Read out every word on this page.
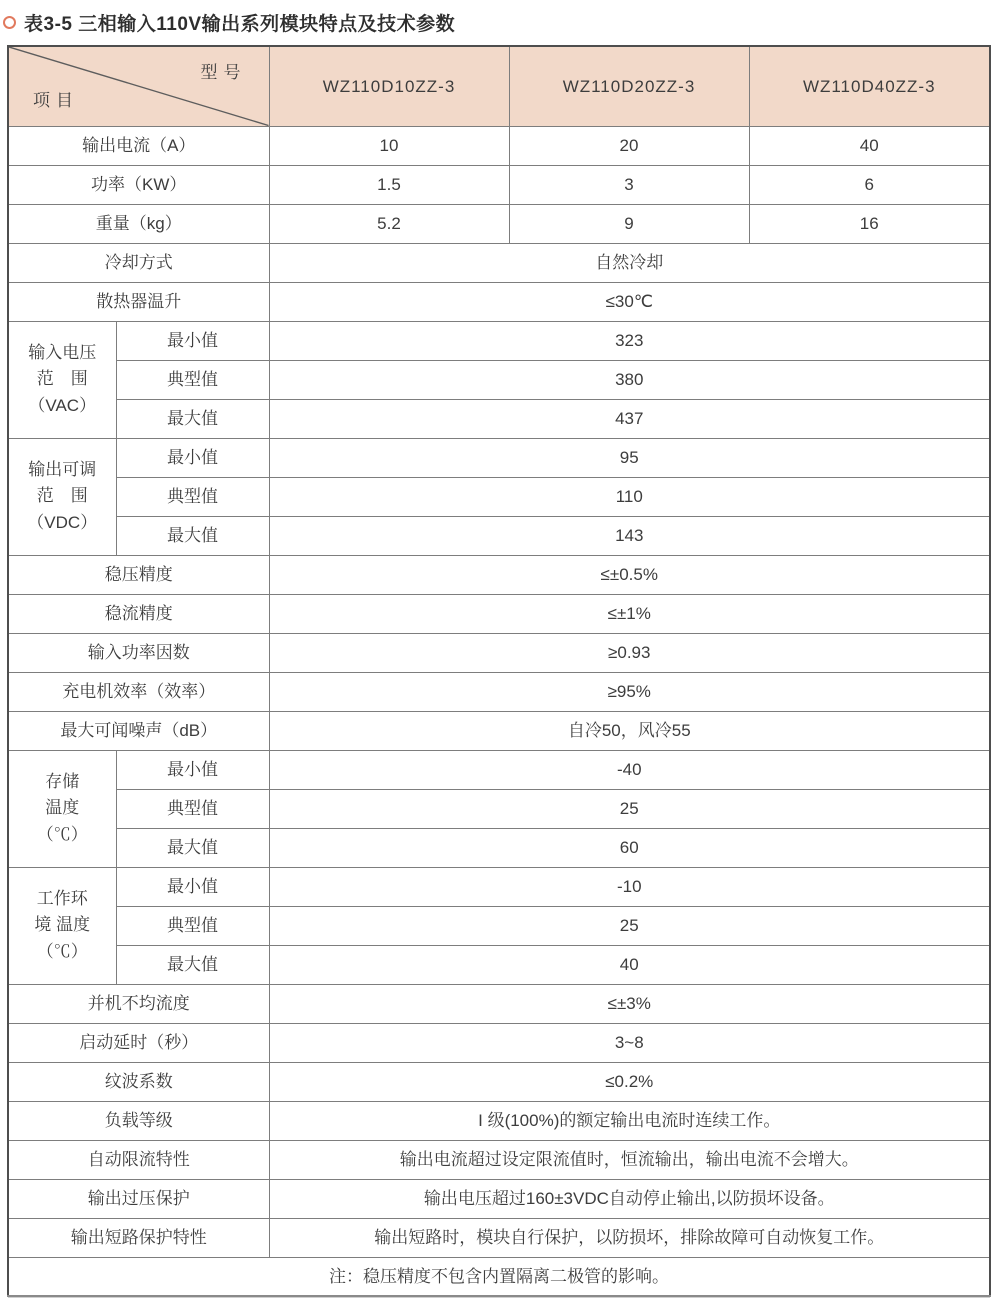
表3-5 三相输入110V输出系列模块特点及技术参数
型号
项目		WZ110D10ZZ-3	WZ110D20ZZ-3	WZ110D40ZZ-3
输出电流（A）		10	20	40
功率（KW）		1.5	3	6
重量（kg）		5.2	9	16
冷却方式		自然冷却		
散热器温升		≤30℃		

输入电压
范　围
（VAC）	最小值	323		
	典型值	380		
	最大值	437		

输出可调
范　围
（VDC）	最小值	95		
	典型值	110		
	最大值	143		
稳压精度		≤±0.5%		
稳流精度		≤±1%		
输入功率因数		≥0.93		
充电机效率（效率）		≥95%		
最大可闻噪声（dB）		自冷50，风冷55		

存储
温度
（℃）	最小值	-40		
	典型值	25		
	最大值	60		

工作环
境 温度
（℃）	最小值	-10		
	典型值	25		
	最大值	40		
并机不均流度		≤±3%		
启动延时（秒）		3~8		
纹波系数		≤0.2%		
负载等级		I 级(100%)的额定输出电流时连续工作。		
自动限流特性		输出电流超过设定限流值时，恒流输出，输出电流不会增大。		
输出过压保护		输出电压超过160±3VDC自动停止输出,以防损坏设备。		
输出短路保护特性		输出短路时，模块自行保护，以防损坏，排除故障可自动恢复工作。		
注：稳压精度不包含内置隔离二极管的影响。				
